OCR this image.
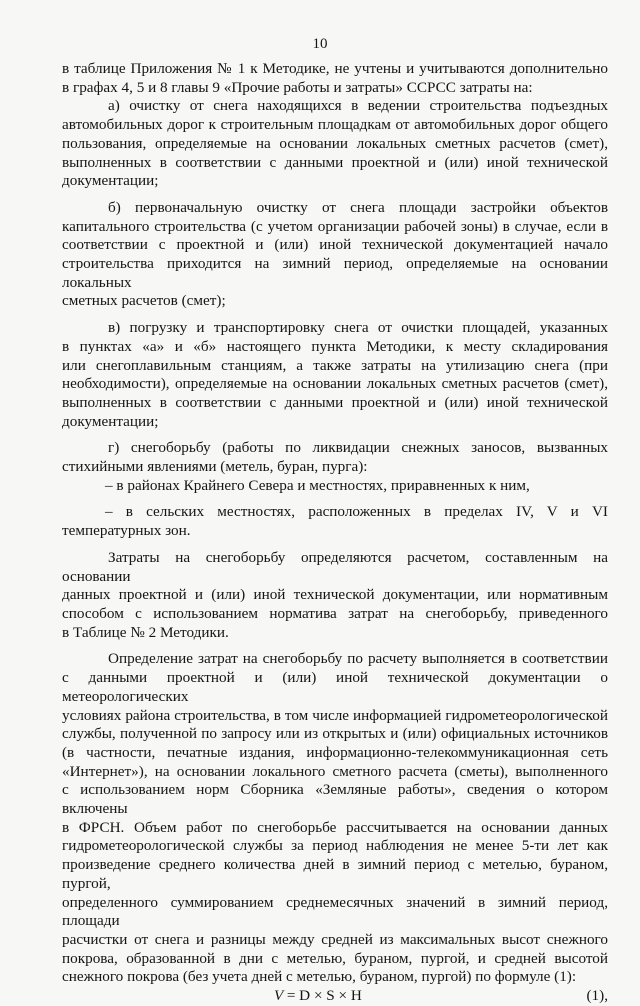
10

в таблице Приложения № 1 к Методике, не учтены и учитываются дополнительно

в графах 4, 5 и 8 главы 9 «Прочие работы и затраты» ССРСС затраты на:

а) очистку от снега находящихся в ведении строительства подъездных

автомобильных дорог к строительным площадкам от автомобильных дорог общего

пользования, определяемые на основании локальных сметных расчетов (смет),

выполненных в соответствии с данными проектной и (или) иной технической

документации;

б) первоначальную очистку от снега площади застройки объектов

капитального строительства (с учетом организации рабочей зоны) в случае, если в

соответствии с проектной и (или) иной технической документацией начало

строительства приходится на зимний период, определяемые на основании локальных

сметных расчетов (смет);

в) погрузку и транспортировку снега от очистки площадей, указанных

в пунктах «а» и «б» настоящего пункта Методики, к месту складирования

или снегоплавильным станциям, а также затраты на утилизацию снега (при

необходимости), определяемые на основании локальных сметных расчетов (смет),

выполненных в соответствии с данными проектной и (или) иной технической

документации;

г) снегоборьбу (работы по ликвидации снежных заносов, вызванных

стихийными явлениями (метель, буран, пурга):

– в районах Крайнего Севера и местностях, приравненных к ним,

– в сельских местностях, расположенных в пределах IV, V и VI

температурных зон.

Затраты на снегоборьбу определяются расчетом, составленным на основании

данных проектной и (или) иной технической документации, или нормативным

способом с использованием норматива затрат на снегоборьбу, приведенного

в Таблице № 2 Методики.

Определение затрат на снегоборьбу по расчету выполняется в соответствии

с данными проектной и (или) иной технической документации о метеорологических

условиях района строительства, в том числе информацией гидрометеорологической

службы, полученной по запросу или из открытых и (или) официальных источников

(в частности, печатные издания, информационно-телекоммуникационная сеть

«Интернет»), на основании локального сметного расчета (сметы), выполненного

с использованием норм Сборника «Земляные работы», сведения о котором включены

в ФРСН. Объем работ по снегоборьбе рассчитывается на основании данных

гидрометеорологической службы за период наблюдения не менее 5-ти лет как

произведение среднего количества дней в зимний период с метелью, бураном, пургой,

определенного суммированием среднемесячных значений в зимний период, площади

расчистки от снега и разницы между средней из максимальных высот снежного

покрова, образованной в дни с метелью, бураном, пургой, и средней высотой

снежного покрова (без учета дней с метелью, бураном, пургой) по формуле (1):

V = D × S × H	(1),
